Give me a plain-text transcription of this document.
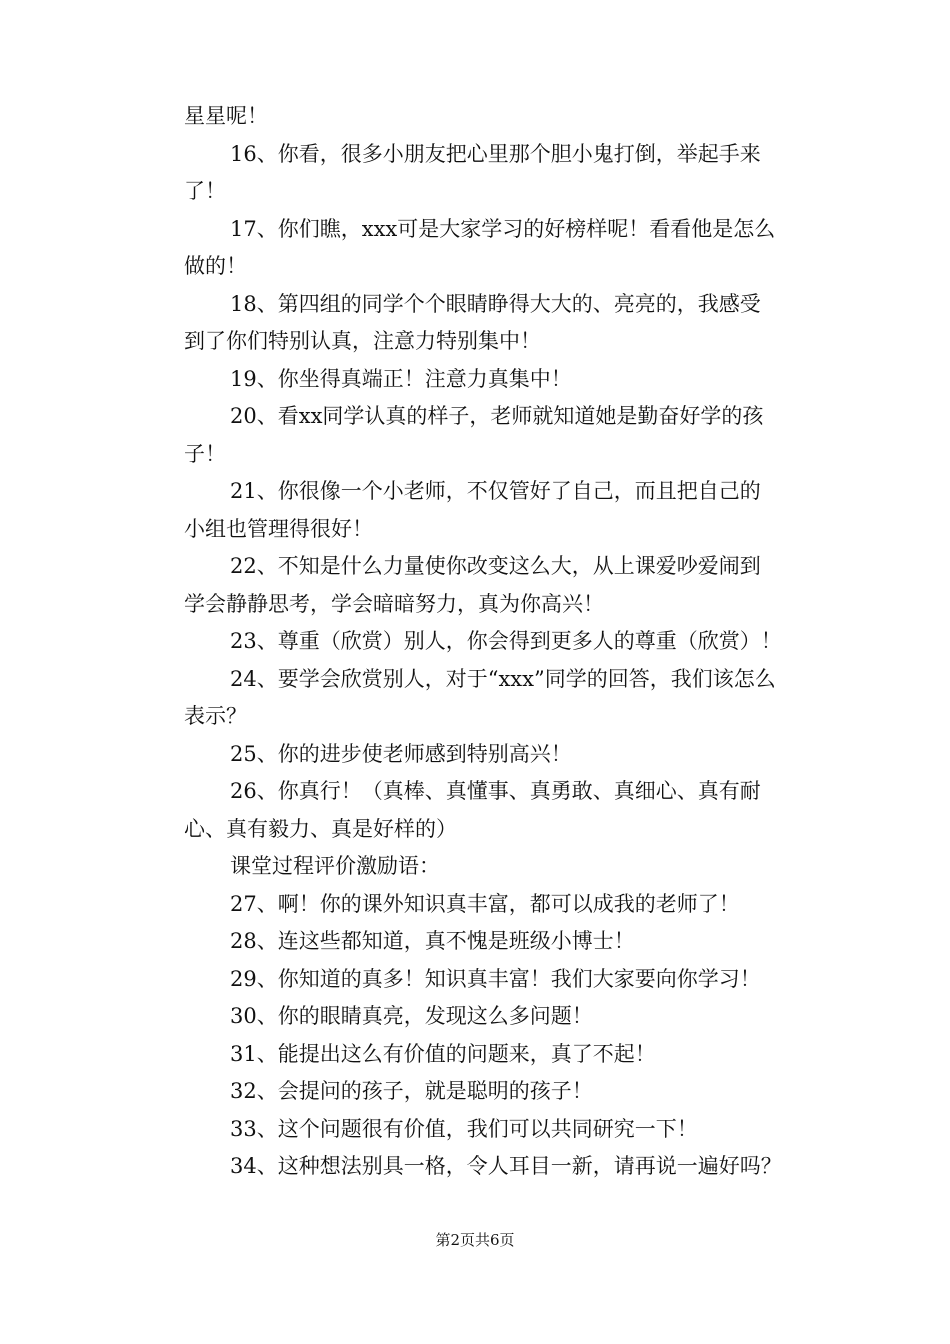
星星呢！

16、你看，很多小朋友把心里那个胆小鬼打倒，举起手来
了！

17、你们瞧，xxx可是大家学习的好榜样呢！看看他是怎么
做的！

18、第四组的同学个个眼睛睁得大大的、亮亮的，我感受
到了你们特别认真，注意力特别集中！

19、你坐得真端正！注意力真集中！

20、看xx同学认真的样子，老师就知道她是勤奋好学的孩
子！

21、你很像一个小老师，不仅管好了自己，而且把自己的
小组也管理得很好！

22、不知是什么力量使你改变这么大，从上课爱吵爱闹到
学会静静思考，学会暗暗努力，真为你高兴！

23、尊重（欣赏）别人，你会得到更多人的尊重（欣赏）！

24、要学会欣赏别人，对于“xxx”同学的回答，我们该怎么
表示？

25、你的进步使老师感到特别高兴！

26、你真行！（真棒、真懂事、真勇敢、真细心、真有耐
心、真有毅力、真是好样的）

课堂过程评价激励语：

27、啊！你的课外知识真丰富，都可以成我的老师了！

28、连这些都知道，真不愧是班级小博士！

29、你知道的真多！知识真丰富！我们大家要向你学习！

30、你的眼睛真亮，发现这么多问题！

31、能提出这么有价值的问题来，真了不起！

32、会提问的孩子，就是聪明的孩子！

33、这个问题很有价值，我们可以共同研究一下！

34、这种想法别具一格，令人耳目一新，请再说一遍好吗？

第2页共6页
